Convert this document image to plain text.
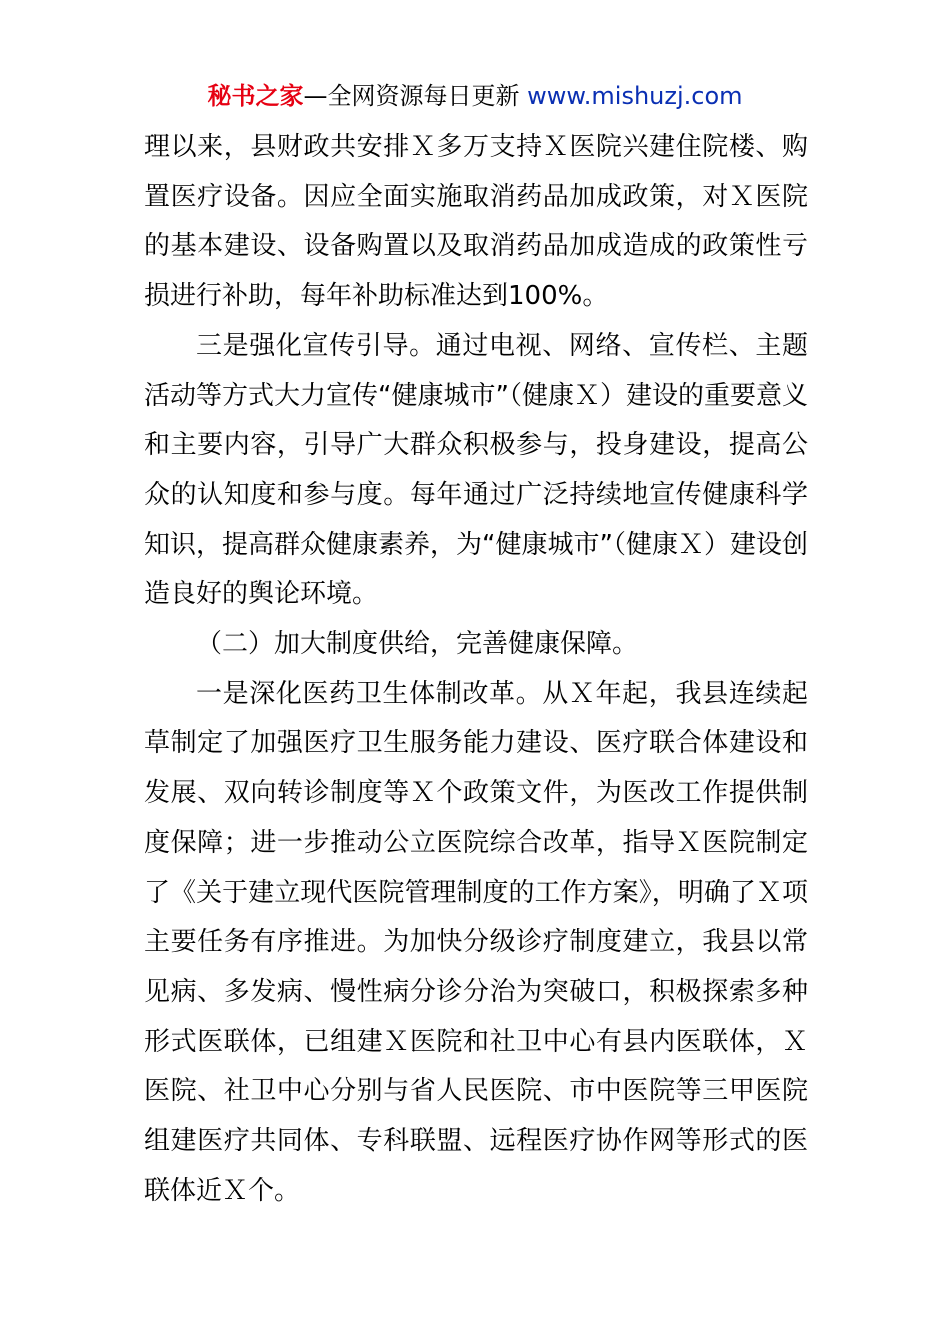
秘书之家—全网资源每日更新 www.mishuzj.com

理以来，县财政共安排Ｘ多万支持Ｘ医院兴建住院楼、购置医疗设备。因应全面实施取消药品加成政策，对Ｘ医院的基本建设、设备购置以及取消药品加成造成的政策性亏损进行补助，每年补助标准达到100%。

三是强化宣传引导。通过电视、网络、宣传栏、主题活动等方式大力宣传“健康城市”（健康Ｘ）建设的重要意义和主要内容，引导广大群众积极参与，投身建设，提高公众的认知度和参与度。每年通过广泛持续地宣传健康科学知识，提高群众健康素养，为“健康城市”（健康Ｘ）建设创造良好的舆论环境。

（二）加大制度供给，完善健康保障。

一是深化医药卫生体制改革。从Ｘ年起，我县连续起草制定了加强医疗卫生服务能力建设、医疗联合体建设和发展、双向转诊制度等Ｘ个政策文件，为医改工作提供制度保障；进一步推动公立医院综合改革，指导Ｘ医院制定了《关于建立现代医院管理制度的工作方案》，明确了Ｘ项主要任务有序推进。为加快分级诊疗制度建立，我县以常见病、多发病、慢性病分诊分治为突破口，积极探索多种形式医联体，已组建Ｘ医院和社卫中心有县内医联体，Ｘ医院、社卫中心分别与省人民医院、市中医院等三甲医院组建医疗共同体、专科联盟、远程医疗协作网等形式的医联体近Ｘ个。
